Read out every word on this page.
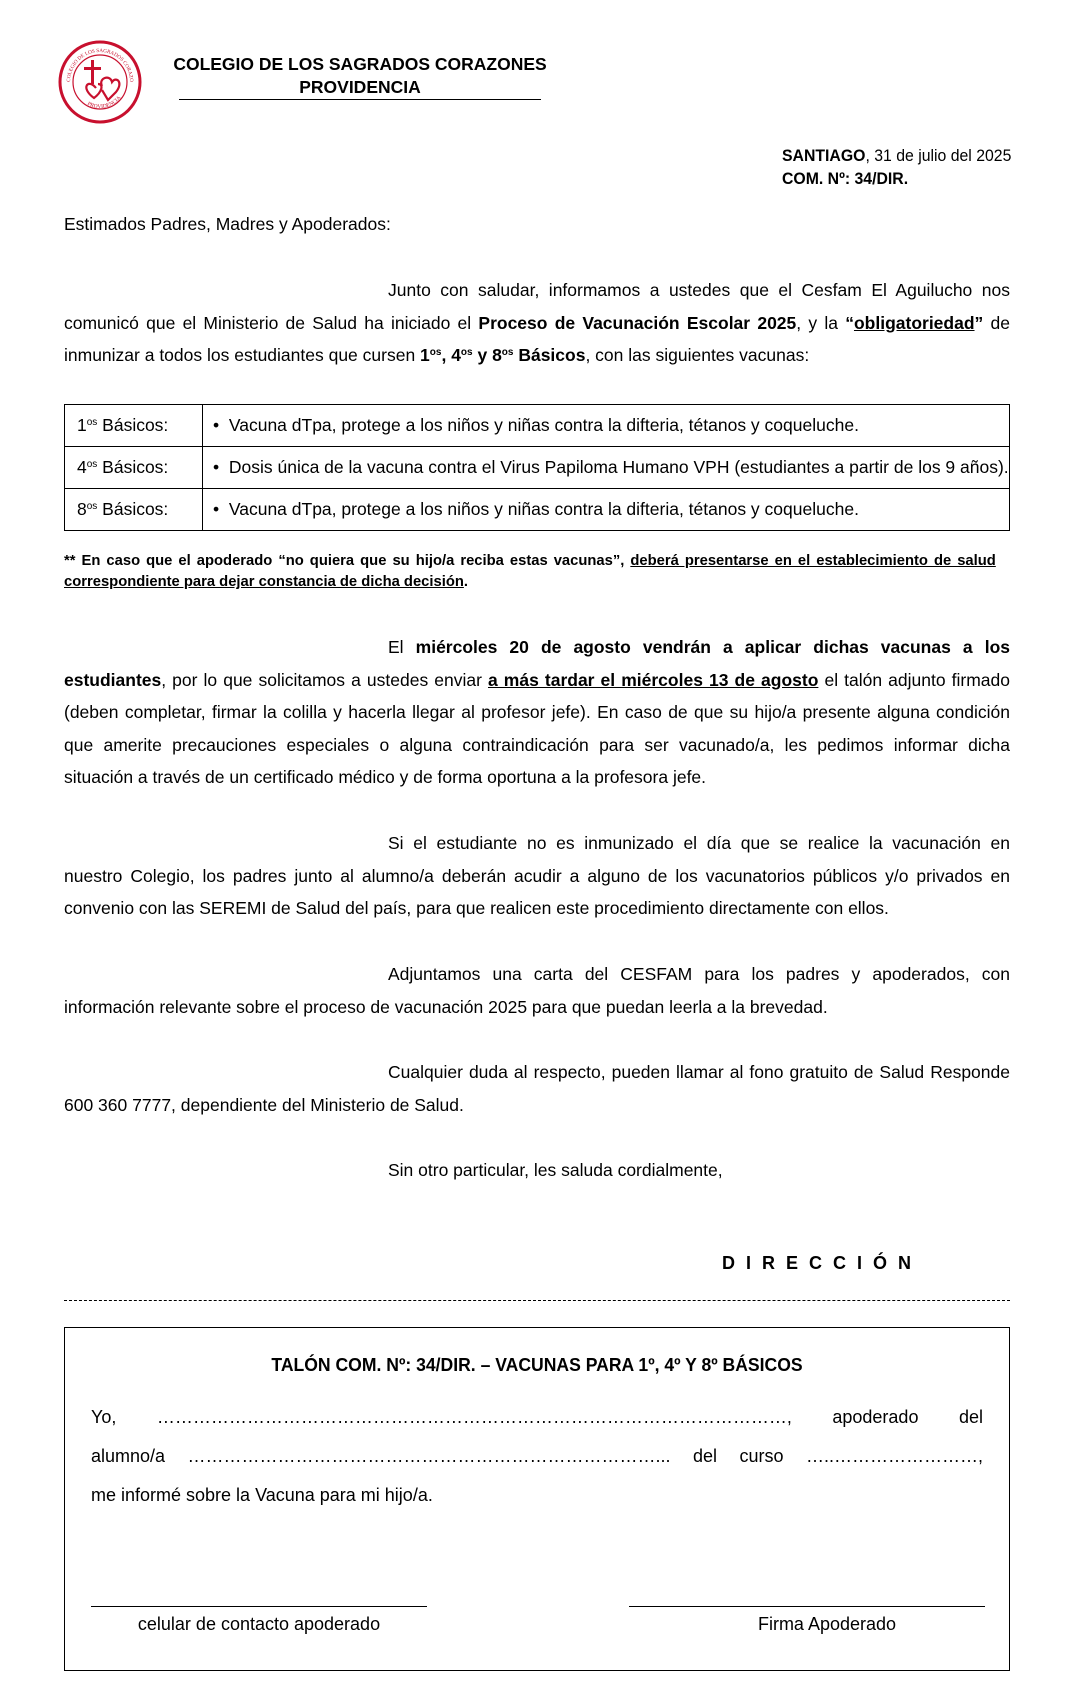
COLEGIO DE LOS SAGRADOS CORAZO
PROVIDENCIA
COLEGIO DE LOS SAGRADOS CORAZONES
PROVIDENCIA
SANTIAGO, 31 de julio del 2025
COM. Nº: 34/DIR.
Estimados Padres, Madres y Apoderados:
Junto con saludar, informamos a ustedes que el Cesfam El Aguilucho nos comunicó que el Ministerio de Salud ha iniciado el Proceso de Vacunación Escolar 2025, y la “obligatoriedad” de inmunizar a todos los estudiantes que cursen $1^{os}$, $4^{os}$ y $8^{os}$ Básicos, con las siguientes vacunas:
$1^{os}$ Básicos:	•  Vacuna dTpa, protege a los niños y niñas contra la difteria, tétanos y coqueluche.
$4^{os}$ Básicos:	•  Dosis única de la vacuna contra el Virus Papiloma Humano VPH (estudiantes a partir de los 9 años).
$8^{os}$ Básicos:	•  Vacuna dTpa, protege a los niños y niñas contra la difteria, tétanos y coqueluche.
** En caso que el apoderado “no quiera que su hijo/a reciba estas vacunas”, deberá presentarse en el establecimiento de salud correspondiente para dejar constancia de dicha decisión.
El miércoles 20 de agosto vendrán a aplicar dichas vacunas a los estudiantes, por lo que solicitamos a ustedes enviar a más tardar el miércoles 13 de agosto el talón adjunto firmado (deben completar, firmar la colilla y hacerla llegar al profesor jefe). En caso de que su hijo/a presente alguna condición que amerite precauciones especiales o alguna contraindicación para ser vacunado/a, les pedimos informar dicha situación a través de un certificado médico y de forma oportuna a la profesora jefe.
Si el estudiante no es inmunizado el día que se realice la vacunación en nuestro Colegio, los padres junto al alumno/a deberán acudir a alguno de los vacunatorios públicos y/o privados en convenio con las SEREMI de Salud del país, para que realicen este procedimiento directamente con ellos.
Adjuntamos una carta del CESFAM para los padres y apoderados, con información relevante sobre el proceso de vacunación 2025 para que puedan leerla a la brevedad.
Cualquier duda al respecto, pueden llamar al fono gratuito de Salud Responde 600 360 7777, dependiente del Ministerio de Salud.
Sin otro particular, les saluda cordialmente,
DIRECCIÓN
TALÓN COM. Nº: 34/DIR. – VACUNAS PARA 1º, 4º Y 8º BÁSICOS
Yo, ……………………………………………………………………………………………, apoderado del
alumno/a ……………………………………………………………………... del curso …..……………………,
me informé sobre la Vacuna para mi hijo/a.
celular de contacto apoderado	Firma Apoderado
